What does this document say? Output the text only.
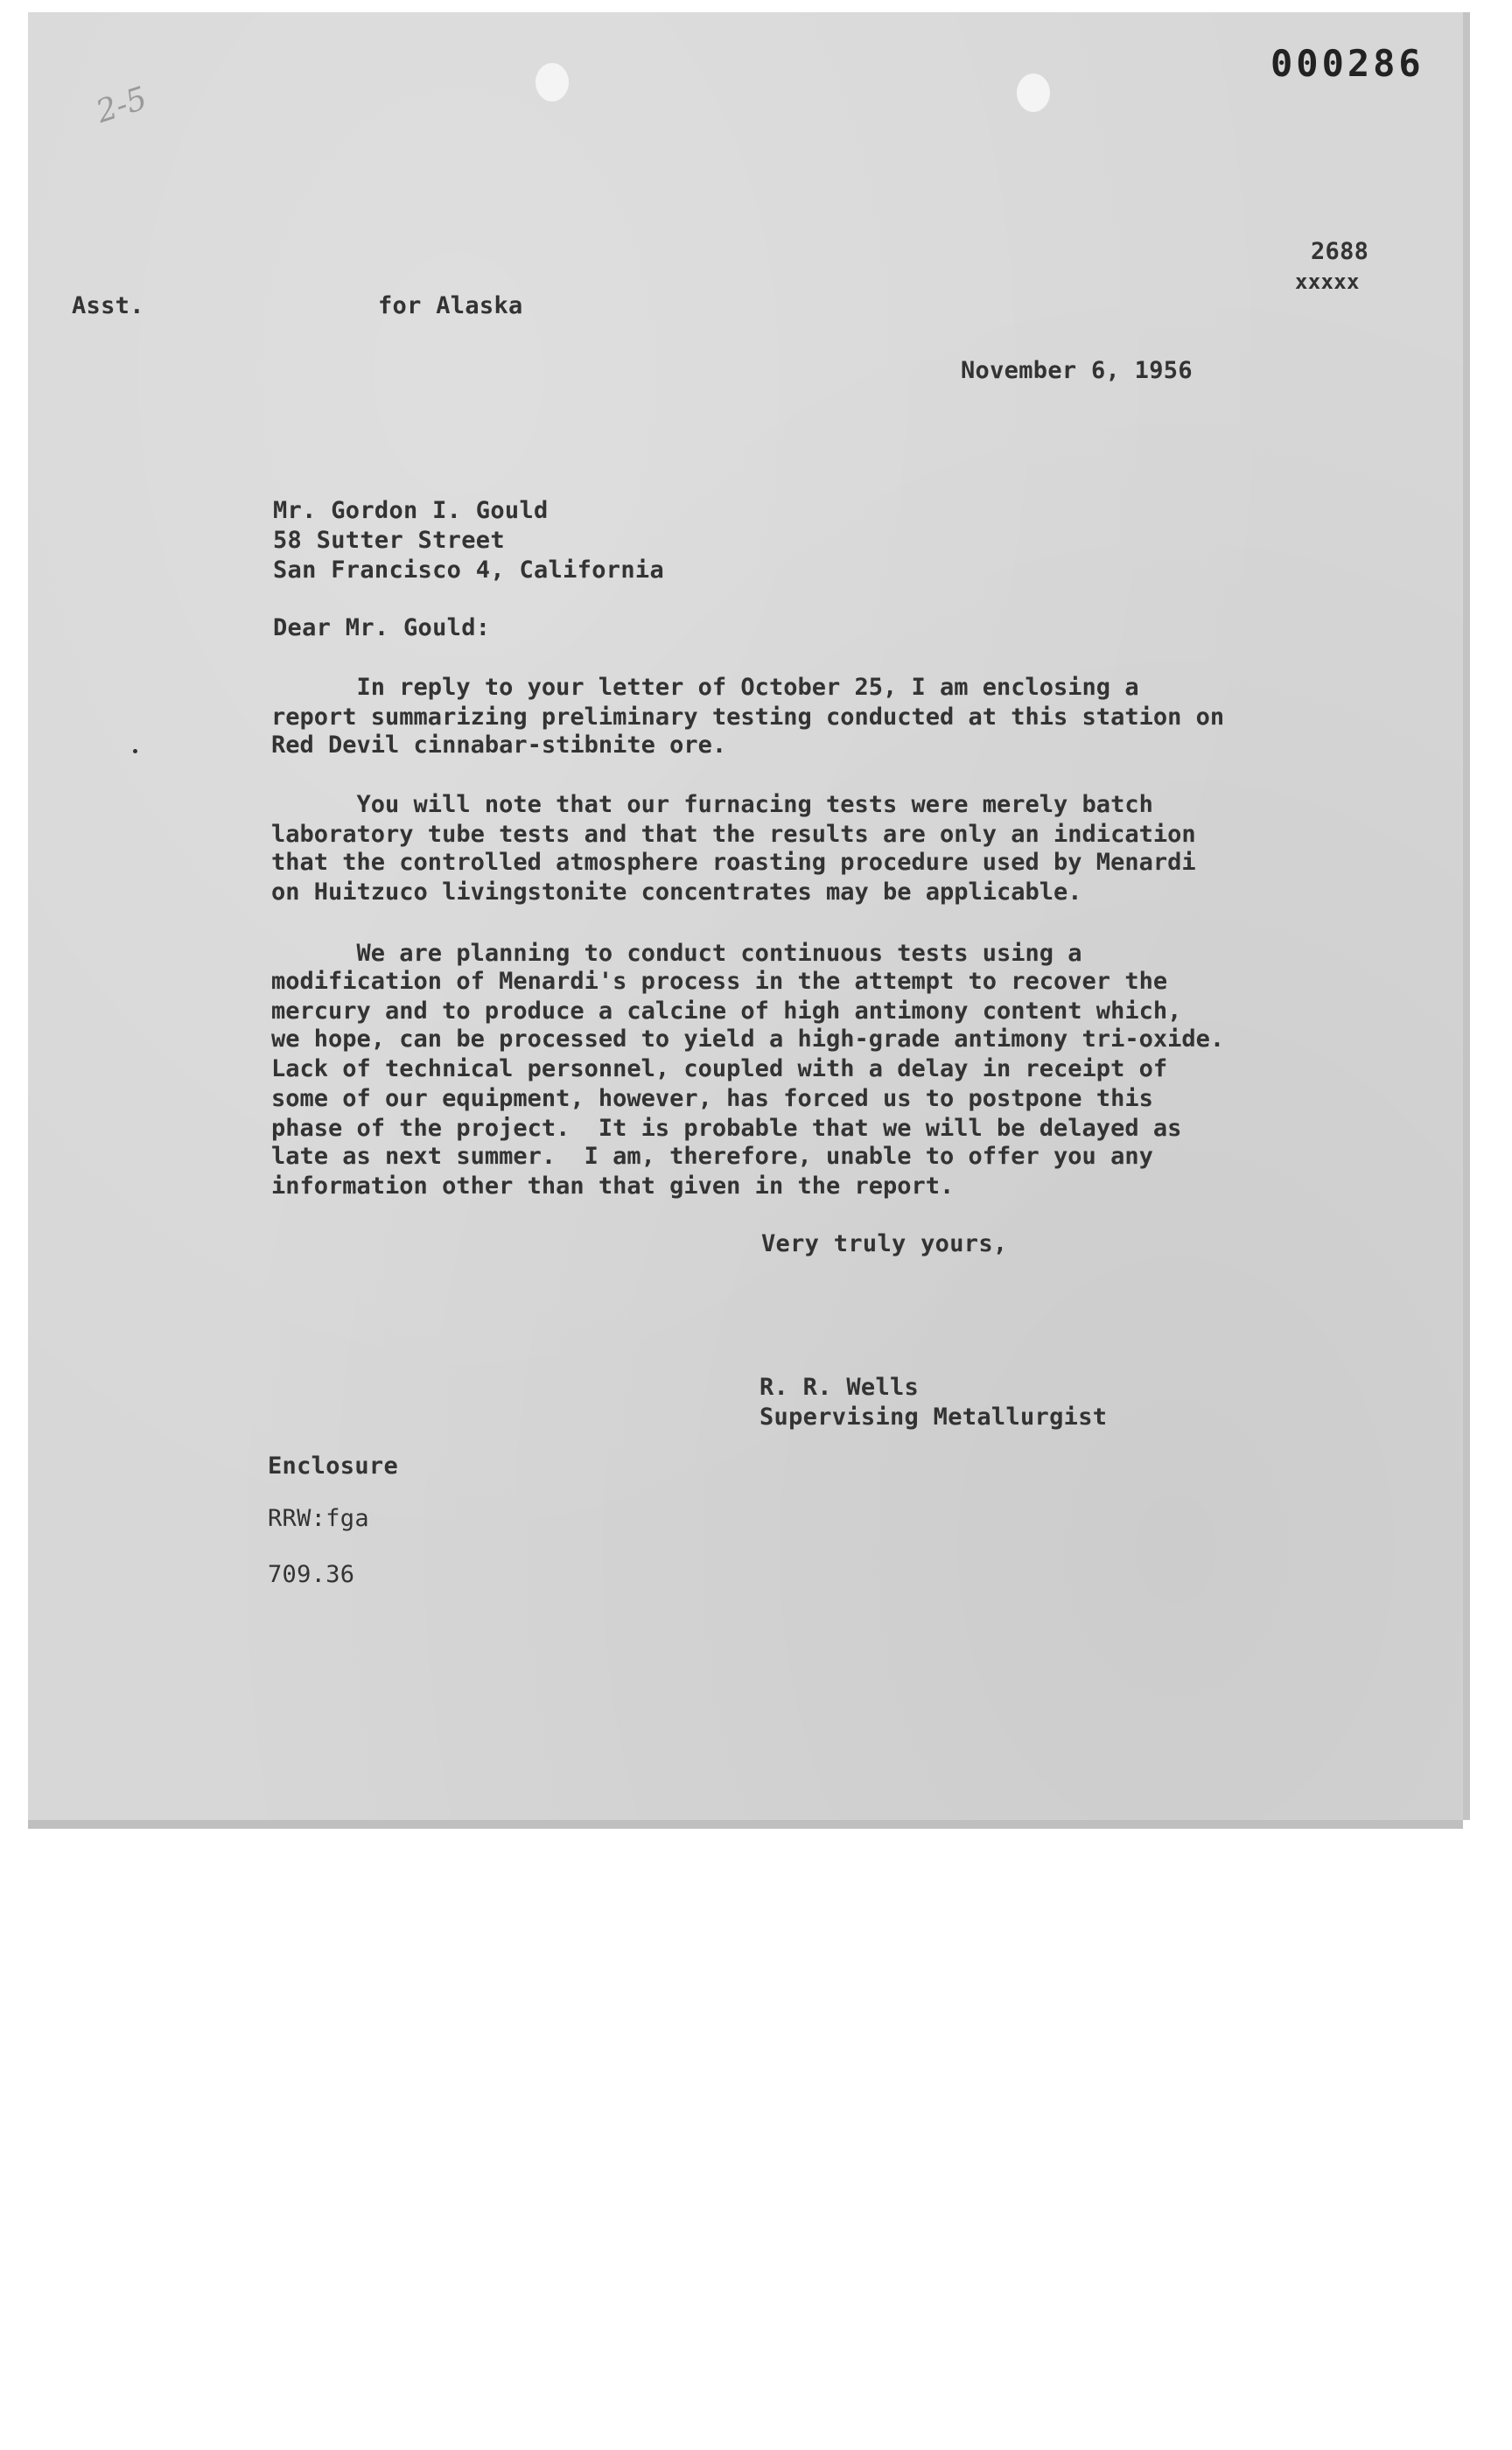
2-5
000286
2688
xxxxx
Asst.	for Alaska
November 6, 1956
Mr. Gordon I. Gould
58 Sutter Street
San Francisco 4, California
Dear Mr. Gould:
In reply to your letter of October 25, I am enclosing a
report summarizing preliminary testing conducted at this station on
Red Devil cinnabar-stibnite ore.
You will note that our furnacing tests were merely batch
laboratory tube tests and that the results are only an indication
that the controlled atmosphere roasting procedure used by Menardi
on Huitzuco livingstonite concentrates may be applicable.
We are planning to conduct continuous tests using a
modification of Menardi's process in the attempt to recover the
mercury and to produce a calcine of high antimony content which,
we hope, can be processed to yield a high-grade antimony tri-oxide.
Lack of technical personnel, coupled with a delay in receipt of
some of our equipment, however, has forced us to postpone this
phase of the project.  It is probable that we will be delayed as
late as next summer.  I am, therefore, unable to offer you any
information other than that given in the report.
Very truly yours,
R. R. Wells
Supervising Metallurgist
Enclosure
RRW:fga
709.36
